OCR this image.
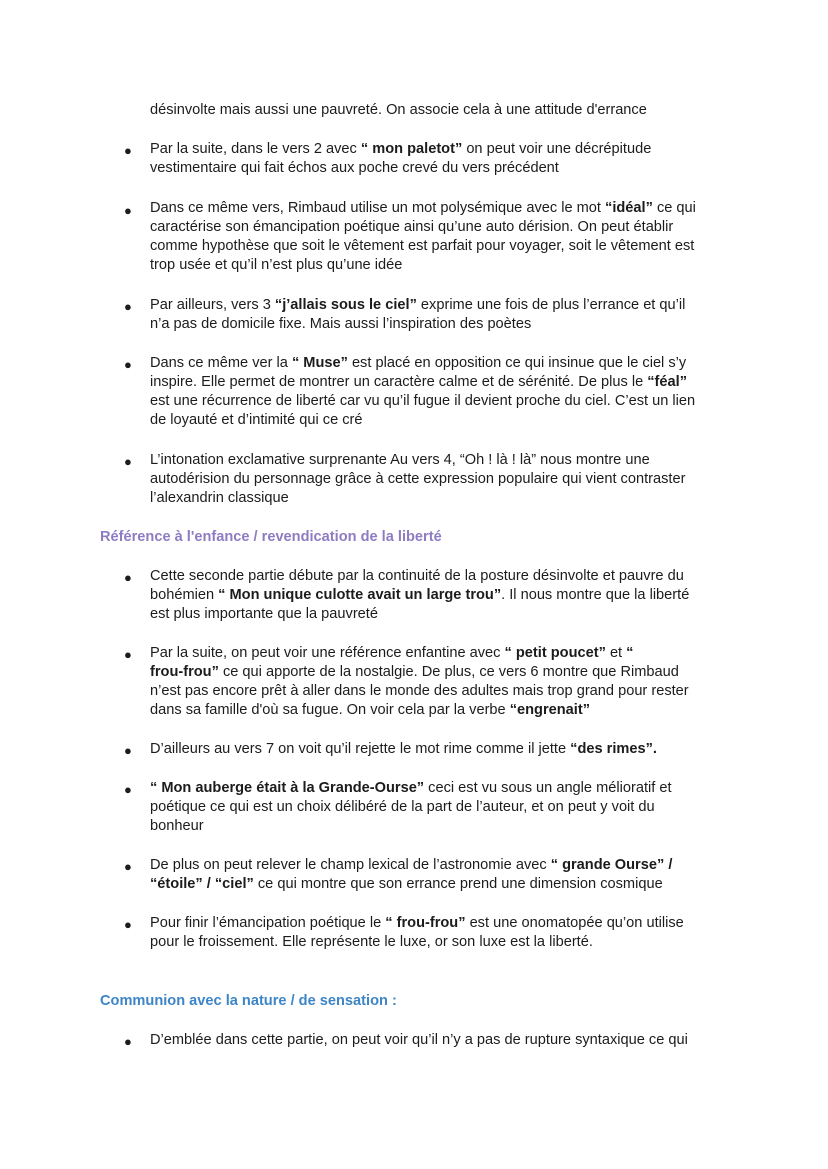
désinvolte mais aussi une pauvreté. On associe cela à une attitude d'errance
● Par la suite, dans le vers 2 avec “ mon paletot” on peut voir une décrépitude
vestimentaire qui fait échos aux poche crevé du vers précédent
● Dans ce même vers, Rimbaud utilise un mot polysémique avec le mot “idéal” ce qui
caractérise son émancipation poétique ainsi qu’une auto dérision. On peut établir
comme hypothèse que soit le vêtement est parfait pour voyager, soit le vêtement est
trop usée et qu’il n’est plus qu’une idée
● Par ailleurs, vers 3 “j’allais sous le ciel” exprime une fois de plus l’errance et qu’il
n’a pas de domicile fixe. Mais aussi l’inspiration des poètes
● Dans ce même ver la “ Muse” est placé en opposition ce qui insinue que le ciel s’y
inspire. Elle permet de montrer un caractère calme et de sérénité. De plus le “féal”
est une récurrence de liberté car vu qu’il fugue il devient proche du ciel. C’est un lien
de loyauté et d’intimité qui ce cré
● L’intonation exclamative surprenante Au vers 4, “Oh ! là ! là” nous montre une
autodérision du personnage grâce à cette expression populaire qui vient contraster
l’alexandrin classique
Référence à l'enfance / revendication de la liberté
● Cette seconde partie débute par la continuité de la posture désinvolte et pauvre du
bohémien “ Mon unique culotte avait un large trou”. Il nous montre que la liberté
est plus importante que la pauvreté
● Par la suite, on peut voir une référence enfantine avec “ petit poucet” et “
frou-frou” ce qui apporte de la nostalgie. De plus, ce vers 6 montre que Rimbaud
n’est pas encore prêt à aller dans le monde des adultes mais trop grand pour rester
dans sa famille d'où sa fugue. On voir cela par la verbe “engrenait”
● D’ailleurs au vers 7 on voit qu’il rejette le mot rime comme il jette “des rimes”.
● “ Mon auberge était à la Grande-Ourse” ceci est vu sous un angle mélioratif et
poétique ce qui est un choix délibéré de la part de l’auteur, et on peut y voit du
bonheur
● De plus on peut relever le champ lexical de l’astronomie avec “ grande Ourse” /
“étoile” / “ciel” ce qui montre que son errance prend une dimension cosmique
● Pour finir l’émancipation poétique le “ frou-frou” est une onomatopée qu’on utilise
pour le froissement. Elle représente le luxe, or son luxe est la liberté.
Communion avec la nature / de sensation :
● D’emblée dans cette partie, on peut voir qu’il n’y a pas de rupture syntaxique ce qui
